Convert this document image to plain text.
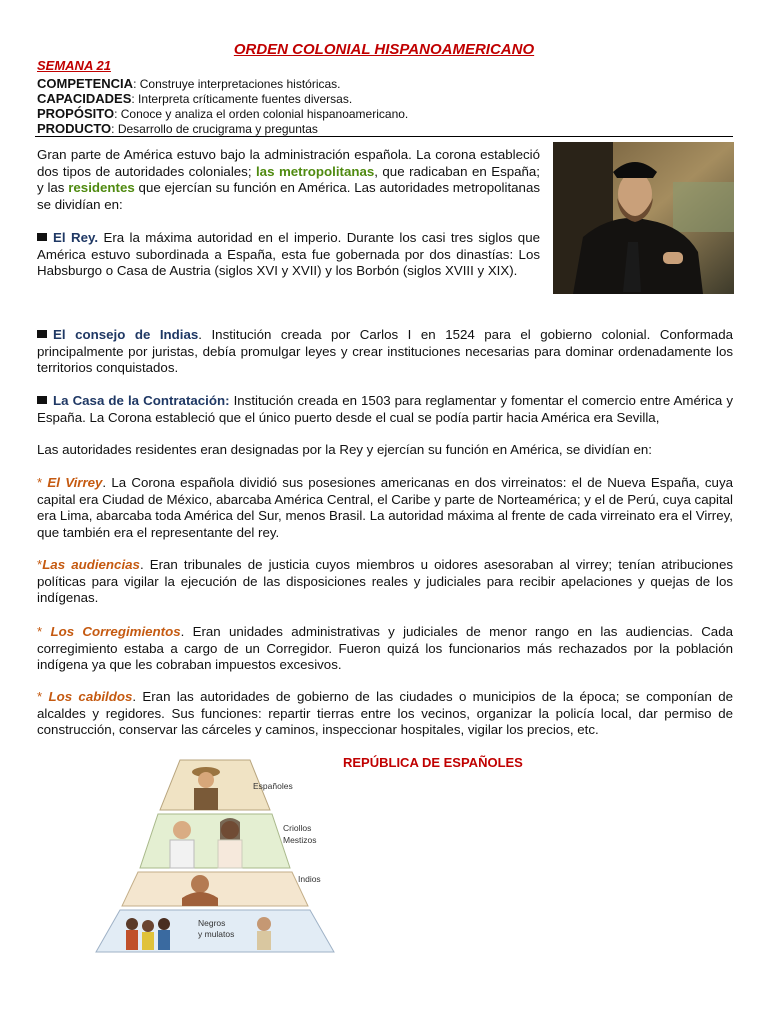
ORDEN COLONIAL HISPANOAMERICANO
SEMANA 21
COMPETENCIA: Construye interpretaciones históricas.
CAPACIDADES: Interpreta críticamente fuentes diversas.
PROPÓSITO: Conoce y analiza el orden colonial hispanoamericano.
PRODUCTO: Desarrollo de crucigrama y preguntas
Gran parte de América estuvo bajo la administración española. La corona estableció dos tipos de autoridades coloniales; las metropolitanas, que radicaban en España; y las residentes que ejercían su función en América. Las autoridades metropolitanas se dividían en:
El Rey. Era la máxima autoridad en el imperio. Durante los casi tres siglos que América estuvo subordinada a España, esta fue gobernada por dos dinastías: Los Habsburgo o Casa de Austria (siglos XVI y XVII) y los Borbón (siglos XVIII y XIX).
El consejo de Indias. Institución creada por Carlos I en 1524 para el gobierno colonial. Conformada principalmente por juristas, debía promulgar leyes y crear instituciones necesarias para dominar ordenadamente los territorios conquistados.
La Casa de la Contratación: Institución creada en 1503 para reglamentar y fomentar el comercio entre América y España. La Corona estableció que el único puerto desde el cual se podía partir hacia América era Sevilla,
Las autoridades residentes eran designadas por la Rey y ejercían su función en América, se dividían en:
* El Virrey. La Corona española dividió sus posesiones americanas en dos virreinatos: el de Nueva España, cuya capital era Ciudad de México, abarcaba América Central, el Caribe y parte de Norteamérica; y el de Perú, cuya capital era Lima, abarcaba toda América del Sur, menos Brasil. La autoridad máxima al frente de cada virreinato era el Virrey, que también era el representante del rey.
*Las audiencias. Eran tribunales de justicia cuyos miembros u oidores asesoraban al virrey; tenían atribuciones políticas para vigilar la ejecución de las disposiciones reales y judiciales para recibir apelaciones y quejas de los indígenas.
* Los Corregimientos. Eran unidades administrativas y judiciales de menor rango en las audiencias. Cada corregimiento estaba a cargo de un Corregidor. Fueron quizá los funcionarios más rechazados por la población indígena ya que les cobraban impuestos excesivos.
* Los cabildos. Eran las autoridades de gobierno de las ciudades o municipios de la época; se componían de alcaldes y regidores. Sus funciones: repartir tierras entre los vecinos, organizar la policía local, dar permiso de construcción, conservar las cárceles y caminos, inspeccionar hospitales, vigilar los precios, etc.
REPÚBLICA DE ESPAÑOLES
Españoles
Criollos
Mestizos
Indios
Negros
y mulatos
